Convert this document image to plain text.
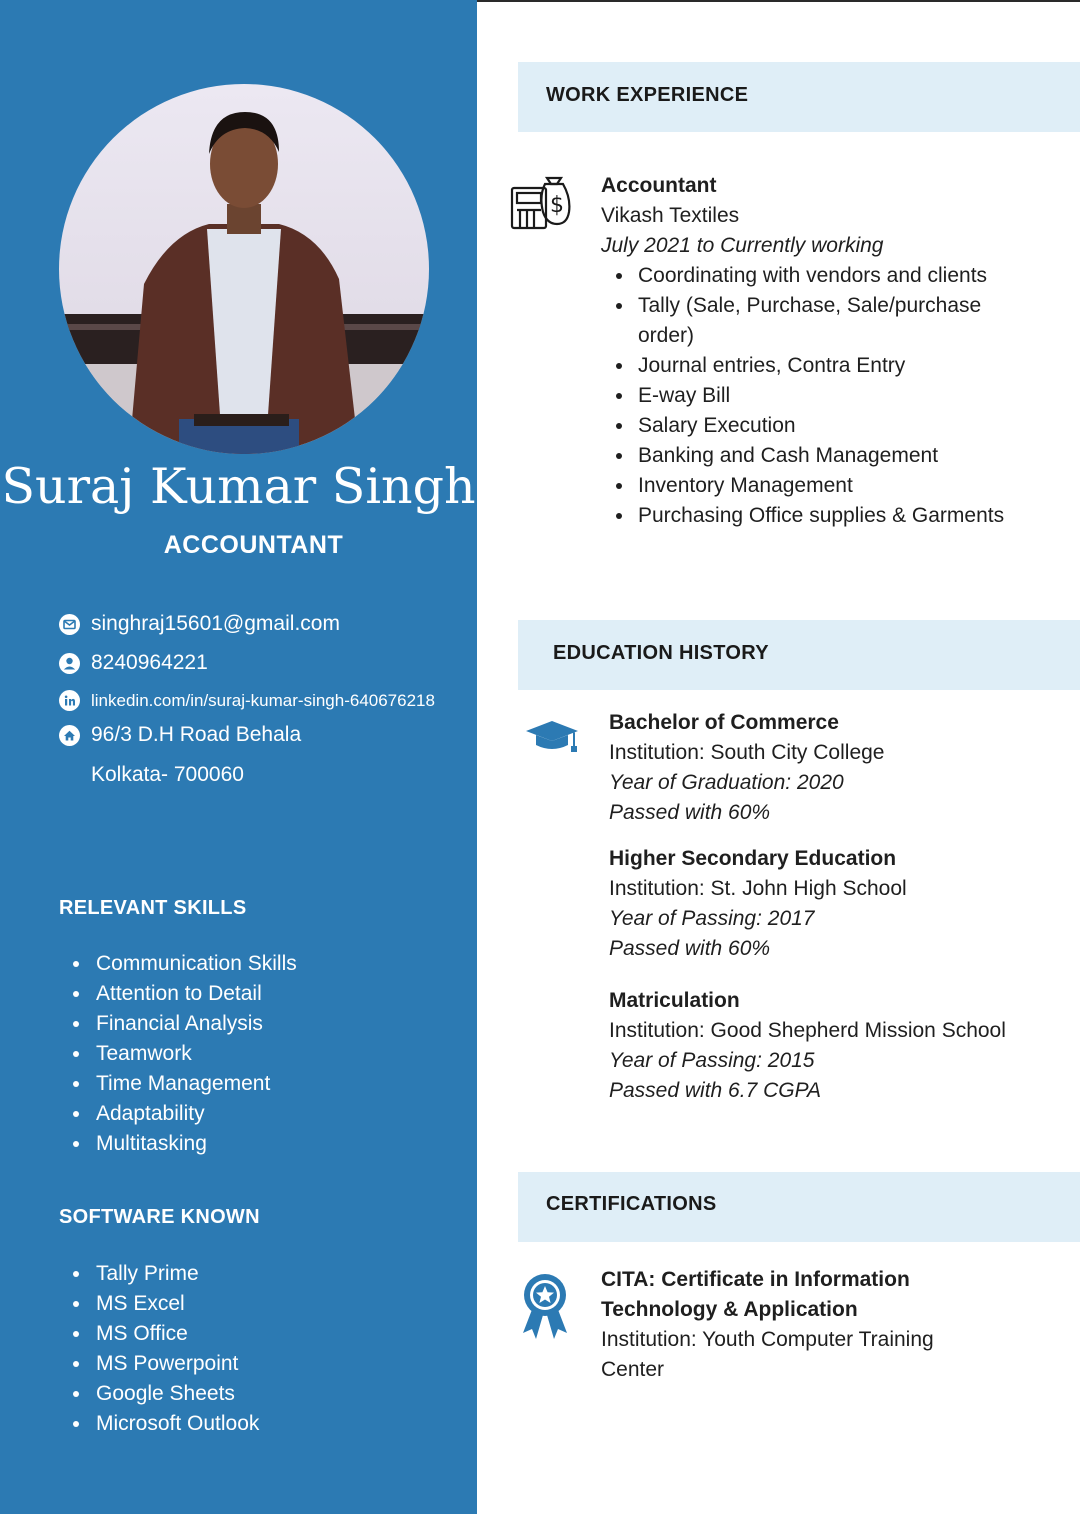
Suraj Kumar Singh
ACCOUNTANT
singhraj15601@gmail.com
8240964221
linkedin.com/in/suraj-kumar-singh-640676218
96/3 D.H Road Behala
Kolkata- 700060
RELEVANT SKILLS
Communication Skills
Attention to Detail
Financial Analysis
Teamwork
Time Management
Adaptability
Multitasking
SOFTWARE KNOWN
Tally Prime
MS Excel
MS Office
MS Powerpoint
Google Sheets
Microsoft Outlook
WORK EXPERIENCE
$
Accountant
Vikash Textiles
July 2021 to Currently working
Coordinating with vendors and clients
Tally (Sale, Purchase, Sale/purchase order)
Journal entries, Contra Entry
E-way Bill
Salary Execution
Banking and Cash Management
Inventory Management
Purchasing Office supplies & Garments
EDUCATION HISTORY
Bachelor of Commerce
Institution: South City College
Year of Graduation: 2020
Passed with 60%
Higher Secondary Education
Institution: St. John High School
Year of Passing: 2017
Passed with 60%
Matriculation
Institution: Good Shepherd Mission School
Year of Passing: 2015
Passed with 6.7 CGPA
CERTIFICATIONS
CITA: Certificate in Information
Technology & Application
Institution: Youth Computer Training
Center
